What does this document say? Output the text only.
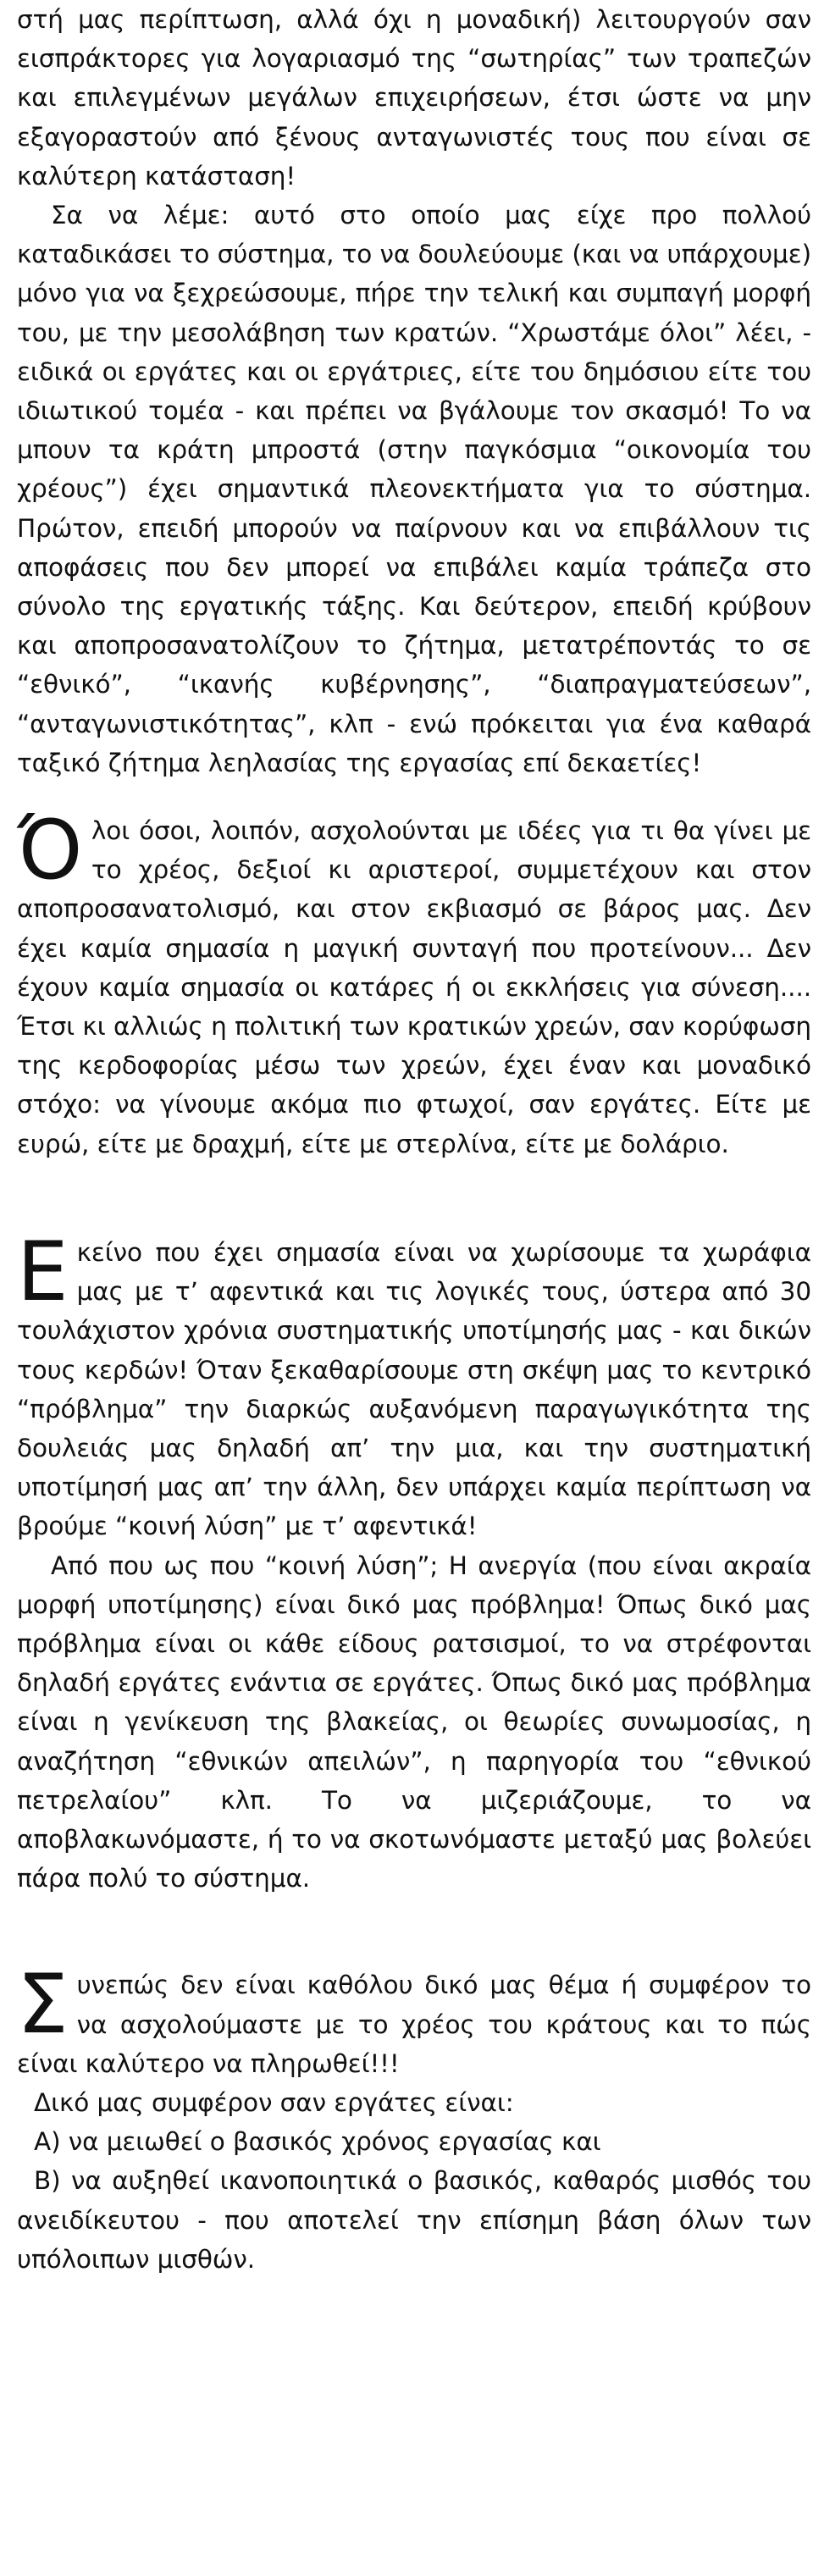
στή μας περίπτωση, αλλά όχι η μοναδική) λειτουργούν σαν εισπράκτορες για λογαριασμό της “σωτηρίας” των τραπεζών και επιλεγμένων μεγάλων επιχειρήσεων, έτσι ώστε να μην εξαγοραστούν από ξένους ανταγωνιστές τους που είναι σε καλύτερη κατάσταση!

Σα να λέμε: αυτό στο οποίο μας είχε προ πολλού καταδικάσει το σύστημα, το να δουλεύουμε (και να υπάρχουμε) μόνο για να ξεχρεώσουμε, πήρε την τελική και συμπαγή μορφή του, με την μεσολάβηση των κρατών. “Χρωστάμε όλοι” λέει, - ειδικά οι εργάτες και οι εργάτριες, είτε του δημόσιου είτε του ιδιωτικού τομέα - και πρέπει να βγάλουμε τον σκασμό! Το να μπουν τα κράτη μπροστά (στην παγκόσμια “οικονομία του χρέους”) έχει σημαντικά πλεονεκτήματα για το σύστημα. Πρώτον, επειδή μπορούν να παίρνουν και να επιβάλλουν τις αποφάσεις που δεν μπορεί να επιβάλει καμία τράπεζα στο σύνολο της εργατικής τάξης. Και δεύτερον, επειδή κρύβουν και αποπροσανατολίζουν το ζήτημα, μετατρέποντάς το σε “εθνικό”, “ικανής κυβέρνησης”, “διαπραγματεύσεων”, “ανταγωνιστικότητας”, κλπ - ενώ πρόκειται για ένα καθαρά ταξικό ζήτημα λεηλασίας της εργασίας επί δεκαετίες!

Ό λοι όσοι, λοιπόν, ασχολούνται με ιδέες για τι θα γίνει με το χρέος, δεξιοί κι αριστεροί, συμμετέχουν και στον αποπροσανατολισμό, και στον εκβιασμό σε βάρος μας. Δεν έχει καμία σημασία η μαγική συνταγή που προτείνουν... Δεν έχουν καμία σημασία οι κατάρες ή οι εκκλήσεις για σύνεση.... Έτσι κι αλλιώς η πολιτική των κρατικών χρεών, σαν κορύφωση της κερδοφορίας μέσω των χρεών, έχει έναν και μοναδικό στόχο: να γίνουμε ακόμα πιο φτωχοί, σαν εργάτες. Είτε με ευρώ, είτε με δραχμή, είτε με στερλίνα, είτε με δολάριο.

Ε κείνο που έχει σημασία είναι να χωρίσουμε τα χωράφια μας με τ’ αφεντικά και τις λογικές τους, ύστερα από 30 τουλάχιστον χρόνια συστηματικής υποτίμησής μας - και δικών τους κερδών! Όταν ξεκαθαρίσουμε στη σκέψη μας το κεντρικό “πρόβλημα” την διαρκώς αυξανόμενη παραγωγικότητα της δουλειάς μας δηλαδή απ’ την μια, και την συστηματική υποτίμησή μας απ’ την άλλη, δεν υπάρχει καμία περίπτωση να βρούμε “κοινή λύση” με τ’ αφεντικά!

Από που ως που “κοινή λύση”; Η ανεργία (που είναι ακραία μορφή υποτίμησης) είναι δικό μας πρόβλημα! Όπως δικό μας πρόβλημα είναι οι κάθε είδους ρατσισμοί, το να στρέφονται δηλαδή εργάτες ενάντια σε εργάτες. Όπως δικό μας πρόβλημα είναι η γενίκευση της βλακείας, οι θεωρίες συνωμοσίας, η αναζήτηση “εθνικών απειλών”, η παρηγορία του “εθνικού πετρελαίου” κλπ. Το να μιζεριάζουμε, το να αποβλακωνόμαστε, ή το να σκοτωνόμαστε μεταξύ μας βολεύει πάρα πολύ το σύστημα.

Σ υνεπώς δεν είναι καθόλου δικό μας θέμα ή συμφέρον το να ασχολούμαστε με το χρέος του κράτους και το πώς είναι καλύτερο να πληρωθεί!!!

Δικό μας συμφέρον σαν εργάτες είναι:

Α) να μειωθεί ο βασικός χρόνος εργασίας και

Β) να αυξηθεί ικανοποιητικά ο βασικός, καθαρός μισθός του ανειδίκευτου - που αποτελεί την επίσημη βάση όλων των υπόλοιπων μισθών.
